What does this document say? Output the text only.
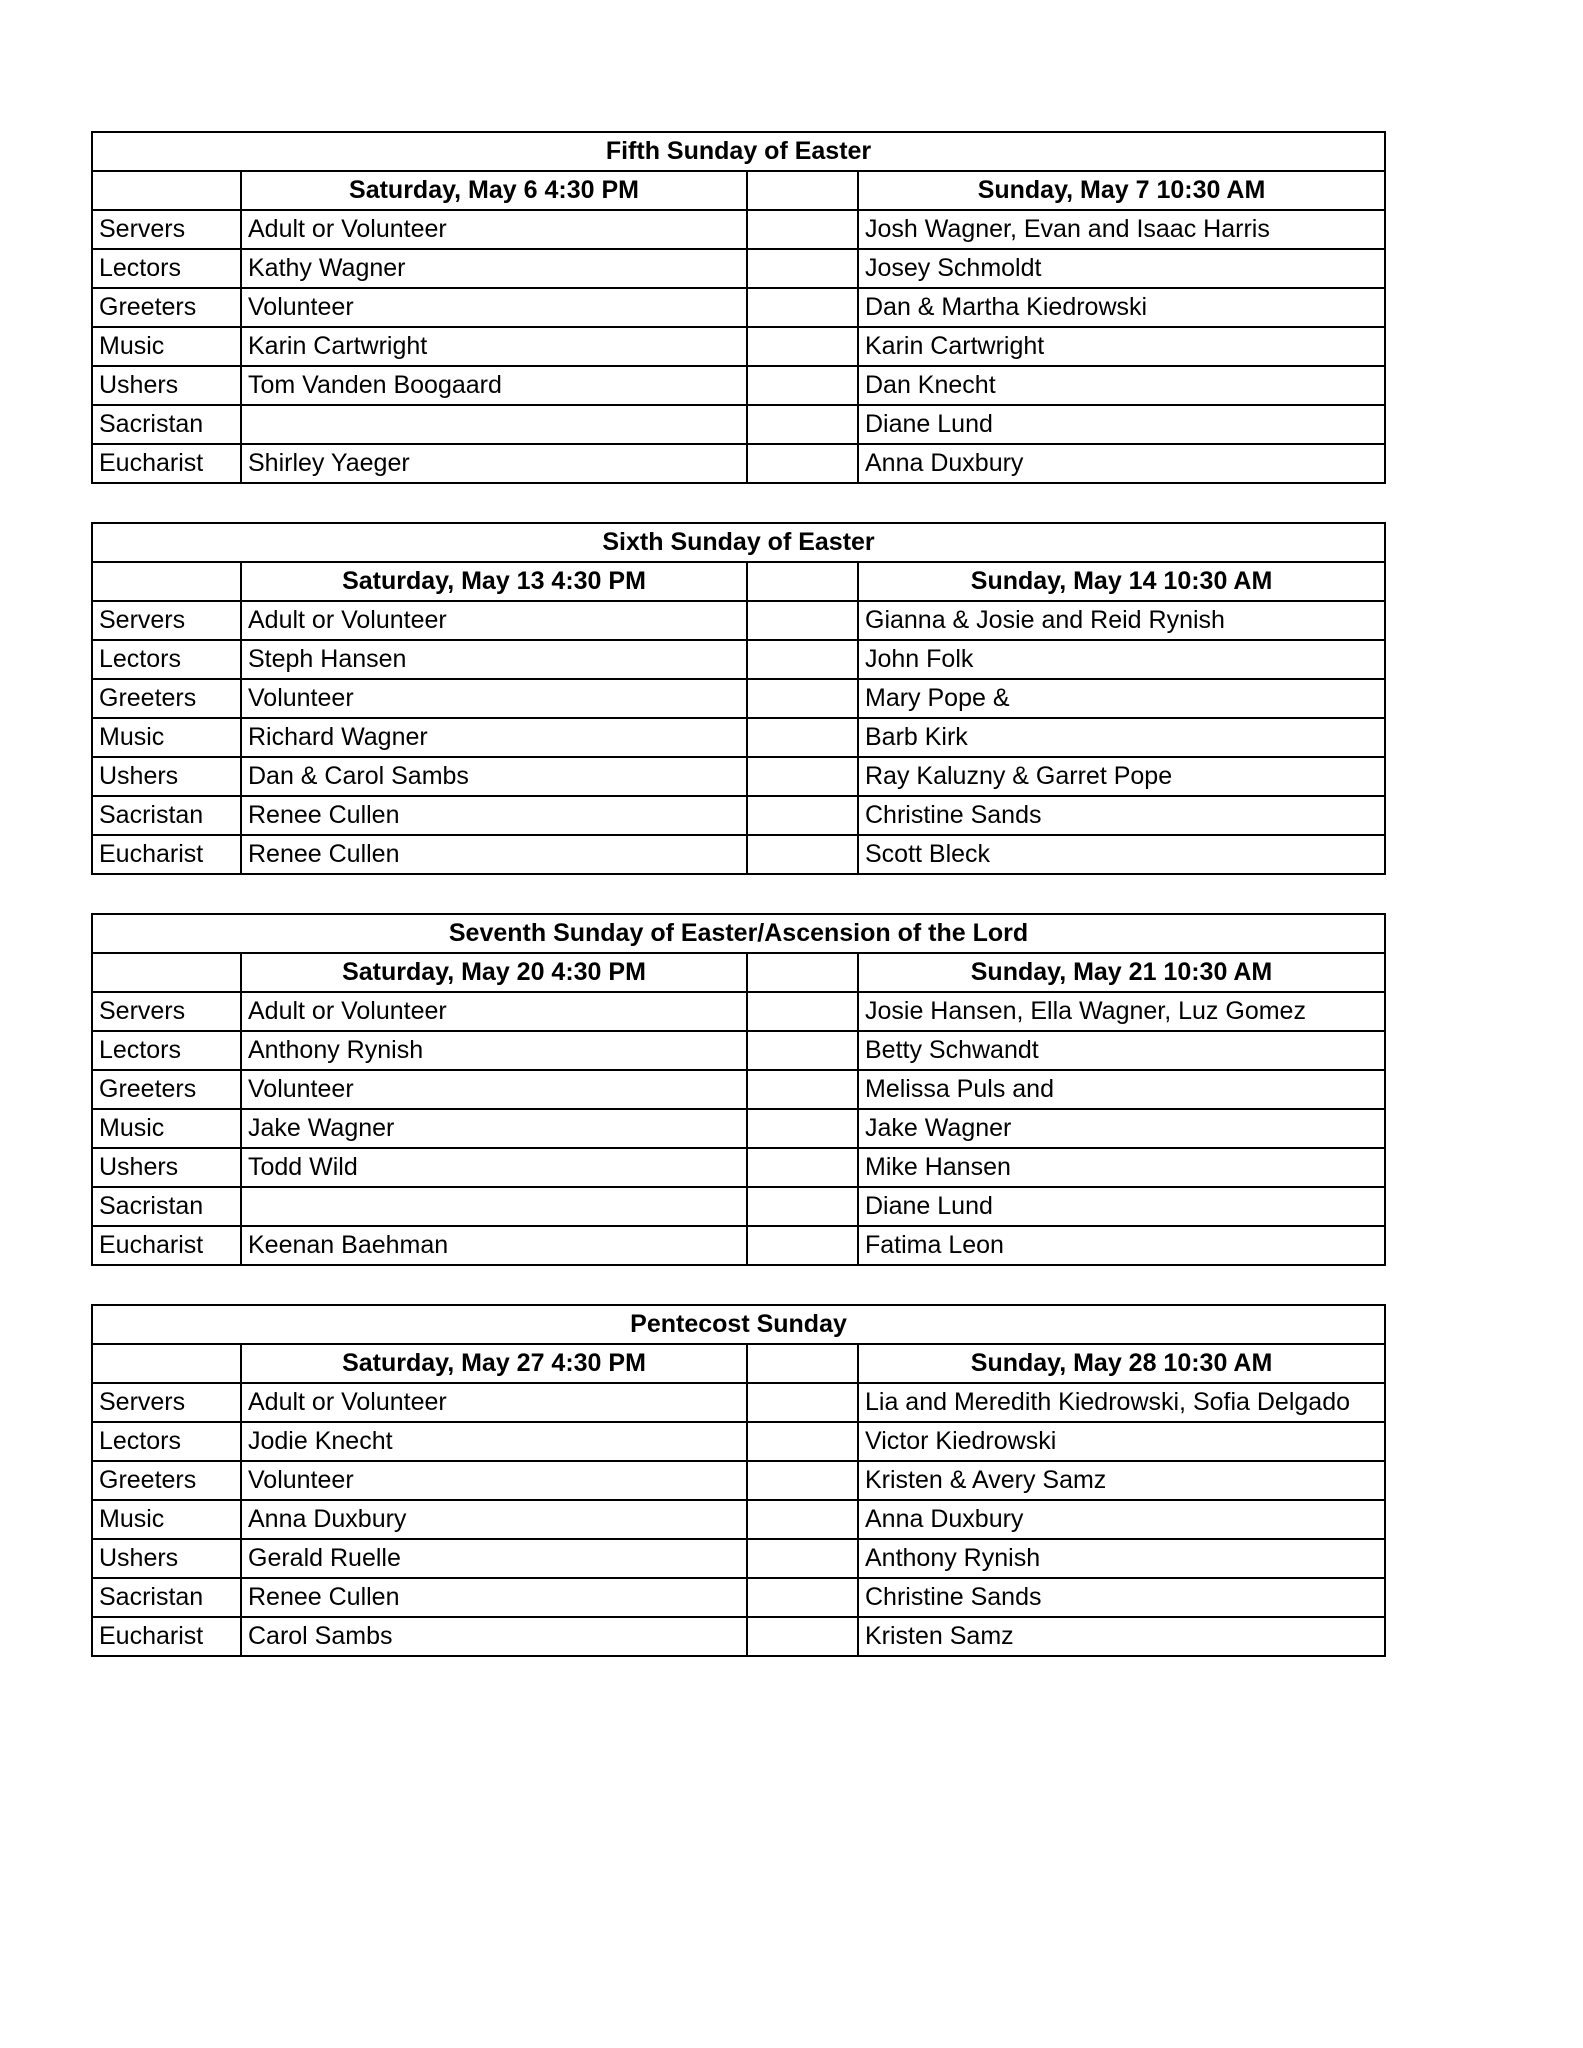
Fifth Sunday of Easter			
	Saturday, May 6 4:30 PM		Sunday, May 7 10:30 AM
Servers	Adult or Volunteer		Josh Wagner, Evan and Isaac Harris
Lectors	Kathy Wagner		Josey Schmoldt
Greeters	Volunteer		Dan & Martha Kiedrowski
Music	Karin Cartwright		Karin Cartwright
Ushers	Tom Vanden Boogaard		Dan Knecht
Sacristan			Diane Lund
Eucharist	Shirley Yaeger		Anna Duxbury
Sixth Sunday of Easter			
	Saturday, May 13 4:30 PM		Sunday, May 14 10:30 AM
Servers	Adult or Volunteer		Gianna & Josie and Reid Rynish
Lectors	Steph Hansen		John Folk
Greeters	Volunteer		Mary Pope &
Music	Richard Wagner		Barb Kirk
Ushers	Dan & Carol Sambs		Ray Kaluzny & Garret Pope
Sacristan	Renee Cullen		Christine Sands
Eucharist	Renee Cullen		Scott Bleck
Seventh Sunday of Easter/Ascension of the Lord			
	Saturday, May 20 4:30 PM		Sunday, May 21 10:30 AM
Servers	Adult or Volunteer		Josie Hansen, Ella Wagner, Luz Gomez
Lectors	Anthony Rynish		Betty Schwandt
Greeters	Volunteer		Melissa Puls and
Music	Jake Wagner		Jake Wagner
Ushers	Todd Wild		Mike Hansen
Sacristan			Diane Lund
Eucharist	Keenan Baehman		Fatima Leon
Pentecost Sunday			
	Saturday, May 27 4:30 PM		Sunday, May 28 10:30 AM
Servers	Adult or Volunteer		Lia and Meredith Kiedrowski, Sofia Delgado
Lectors	Jodie Knecht		Victor Kiedrowski
Greeters	Volunteer		Kristen & Avery Samz
Music	Anna Duxbury		Anna Duxbury
Ushers	Gerald Ruelle		Anthony Rynish
Sacristan	Renee Cullen		Christine Sands
Eucharist	Carol Sambs		Kristen Samz
